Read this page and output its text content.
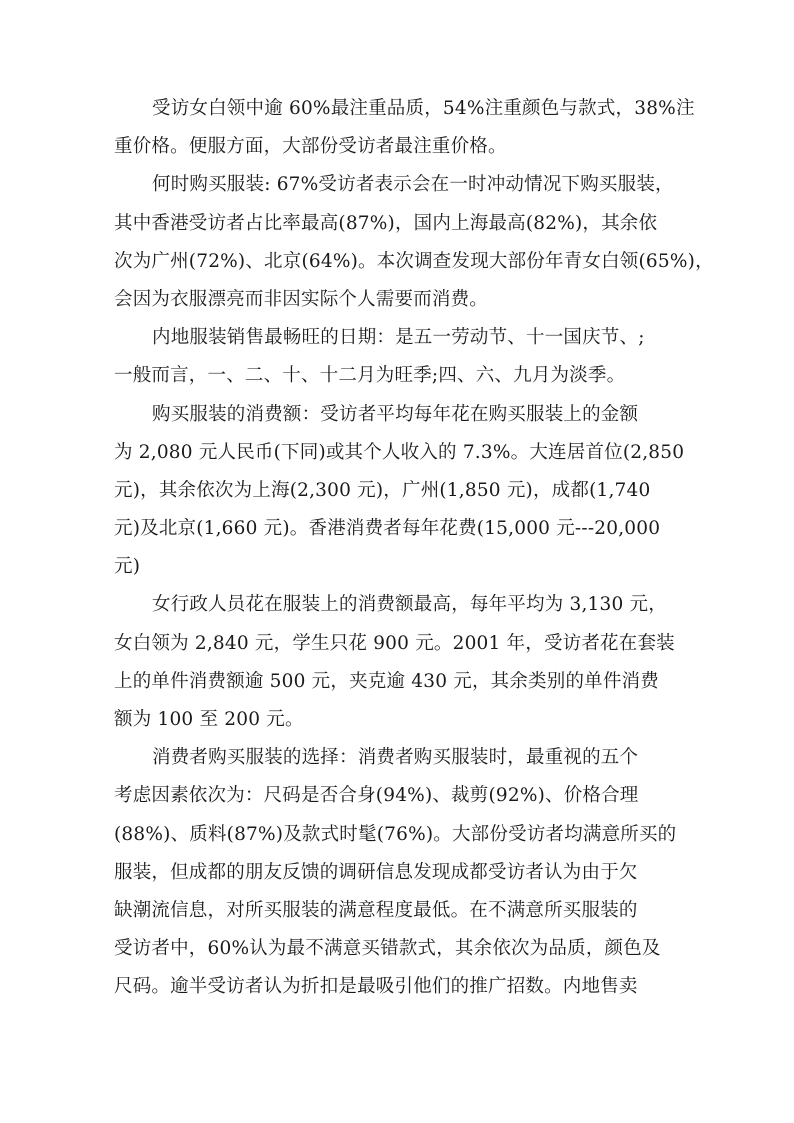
受访女白领中逾 60%最注重品质，54%注重颜色与款式，38%注
重价格。便服方面，大部份受访者最注重价格。
何时购买服装: 67%受访者表示会在一时冲动情况下购买服装，
其中香港受访者占比率最高(87%)，国内上海最高(82%)，其余依
次为广州(72%)、北京(64%)。本次调查发现大部份年青女白领(65%)，
会因为衣服漂亮而非因实际个人需要而消费。
内地服装销售最畅旺的日期：是五一劳动节、十一国庆节、;
一般而言，一、二、十、十二月为旺季;四、六、九月为淡季。
购买服装的消费额：受访者平均每年花在购买服装上的金额
为 2,080 元人民币(下同)或其个人收入的 7.3%。大连居首位(2,850
元)，其余依次为上海(2,300 元)，广州(1,850 元)，成都(1,740
元)及北京(1,660 元)。香港消费者每年花费(15,000 元---20,000
元)
女行政人员花在服装上的消费额最高，每年平均为 3,130 元，
女白领为 2,840 元，学生只花 900 元。2001 年，受访者花在套装
上的单件消费额逾 500 元，夹克逾 430 元，其余类别的单件消费
额为 100 至 200 元。
消费者购买服装的选择：消费者购买服装时，最重视的五个
考虑因素依次为：尺码是否合身(94%)、裁剪(92%)、价格合理
(88%)、质料(87%)及款式时髦(76%)。大部份受访者均满意所买的
服装，但成都的朋友反馈的调研信息发现成都受访者认为由于欠
缺潮流信息，对所买服装的满意程度最低。在不满意所买服装的
受访者中，60%认为最不满意买错款式，其余依次为品质，颜色及
尺码。逾半受访者认为折扣是最吸引他们的推广招数。内地售卖
